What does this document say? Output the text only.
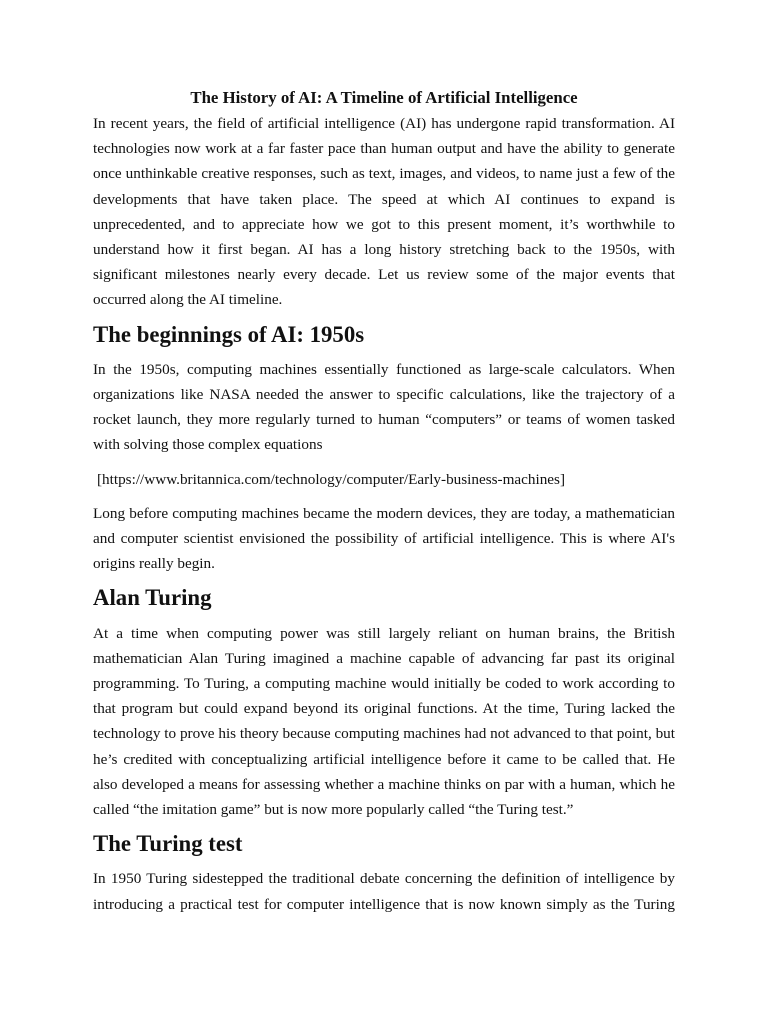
The History of AI: A Timeline of Artificial Intelligence

In recent years, the field of artificial intelligence (AI) has undergone rapid transformation. AI technologies now work at a far faster pace than human output and have the ability to generate once unthinkable creative responses, such as text, images, and videos, to name just a few of the developments that have taken place. The speed at which AI continues to expand is unprecedented, and to appreciate how we got to this present moment, it’s worthwhile to understand how it first began. AI has a long history stretching back to the 1950s, with significant milestones nearly every decade. Let us review some of the major events that occurred along the AI timeline.

The beginnings of AI: 1950s

In the 1950s, computing machines essentially functioned as large-scale calculators. When organizations like NASA needed the answer to specific calculations, like the trajectory of a rocket launch, they more regularly turned to human “computers” or teams of women tasked with solving those complex equations

[https://www.britannica.com/technology/computer/Early-business-machines]

Long before computing machines became the modern devices, they are today, a mathematician and computer scientist envisioned the possibility of artificial intelligence. This is where AI's origins really begin.

Alan Turing

At a time when computing power was still largely reliant on human brains, the British mathematician Alan Turing imagined a machine capable of advancing far past its original programming. To Turing, a computing machine would initially be coded to work according to that program but could expand beyond its original functions. At the time, Turing lacked the technology to prove his theory because computing machines had not advanced to that point, but he’s credited with conceptualizing artificial intelligence before it came to be called that. He also developed a means for assessing whether a machine thinks on par with a human, which he called “the imitation game” but is now more popularly called “the Turing test.”

The Turing test

In 1950 Turing sidestepped the traditional debate concerning the definition of intelligence by introducing a practical test for computer intelligence that is now known simply as the Turing
